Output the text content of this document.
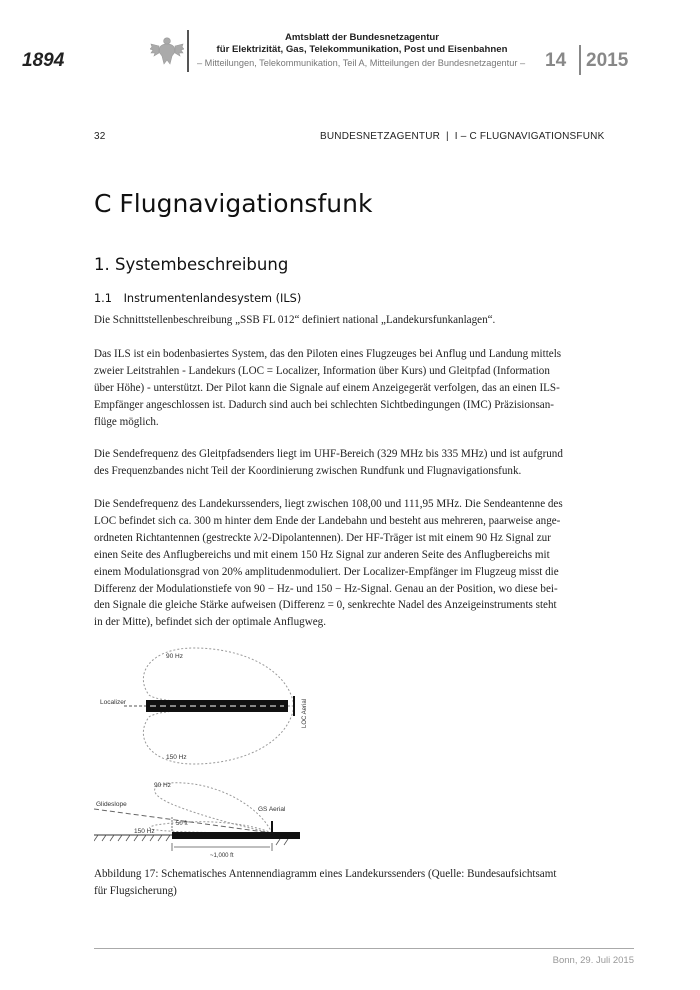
1894
Amtsblatt der Bundesnetzagentur
für Elektrizität, Gas, Telekommunikation, Post und Eisenbahnen
– Mitteilungen, Telekommunikation, Teil A, Mitteilungen der Bundesnetzagentur – 14 2015
32	BUNDESNETZAGENTUR  |  I – C FLUGNAVIGATIONSFUNK
C Flugnavigationsfunk
1. Systembeschreibung
1.1 Instrumentenlandesystem (ILS)
Die Schnittstellenbeschreibung „SSB FL 012“ definiert national „Landekursfunkanlagen“.
Das ILS ist ein bodenbasiertes System, das den Piloten eines Flugzeuges bei Anflug und Landung mittels
zweier Leitstrahlen - Landekurs (LOC = Localizer, Information über Kurs) und Gleitpfad (Information
über Höhe) - unterstützt. Der Pilot kann die Signale auf einem Anzeigegerät verfolgen, das an einen ILS-
Empfänger angeschlossen ist. Dadurch sind auch bei schlechten Sichtbedingungen (IMC) Präzisionsan-
flüge möglich.
Die Sendefrequenz des Gleitpfadsenders liegt im UHF-Bereich (329 MHz bis 335 MHz) und ist aufgrund
des Frequenzbandes nicht Teil der Koordinierung zwischen Rundfunk und Flugnavigationsfunk.
Die Sendefrequenz des Landekurssenders, liegt zwischen 108,00 und 111,95 MHz. Die Sendeantenne des
LOC befindet sich ca. 300 m hinter dem Ende der Landebahn und besteht aus mehreren, paarweise ange-
ordneten Richtantennen (gestreckte λ/2-Dipolantennen). Der HF-Träger ist mit einem 90 Hz Signal zur
einen Seite des Anflugbereichs und mit einem 150 Hz Signal zur anderen Seite des Anflugbereichs mit
einem Modulationsgrad von 20% amplitudenmoduliert. Der Localizer-Empfänger im Flugzeug misst die
Differenz der Modulationstiefe von 90 − Hz- und 150 − Hz-Signal. Genau an der Position, wo diese bei-
den Signale die gleiche Stärke aufweisen (Differenz = 0, senkrechte Nadel des Anzeigeinstruments steht
in der Mitte), befindet sich der optimale Anflugweg.
90 Hz
150 Hz
Localizer	LOC Aerial
90 Hz
150 Hz
Glideslope
GS Aerial
50 ft
~1,000 ft
Abbildung 17: Schematisches Antennendiagramm eines Landekurssenders (Quelle: Bundesaufsichtsamt
für Flugsicherung)
Bonn, 29. Juli 2015
